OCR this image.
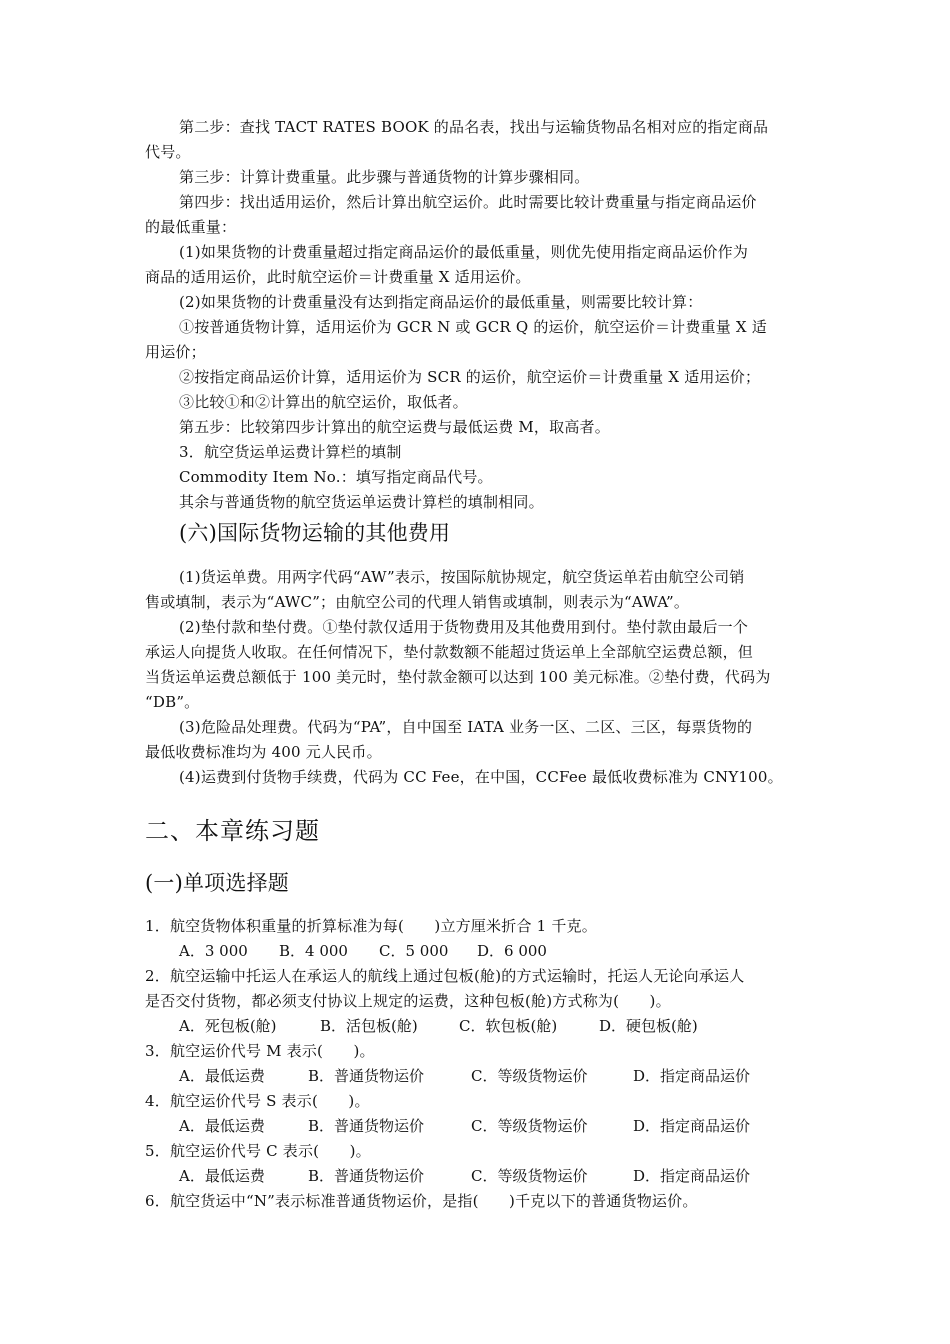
第二步：查找 TACT RATES BOOK 的品名表，找出与运输货物品名相对应的指定商品
代号。
第三步：计算计费重量。此步骤与普通货物的计算步骤相同。
第四步：找出适用运价，然后计算出航空运价。此时需要比较计费重量与指定商品运价
的最低重量：
(1)如果货物的计费重量超过指定商品运价的最低重量，则优先使用指定商品运价作为
商品的适用运价，此时航空运价＝计费重量 X 适用运价。
(2)如果货物的计费重量没有达到指定商品运价的最低重量，则需要比较计算：
①按普通货物计算，适用运价为 GCR N 或 GCR Q 的运价，航空运价＝计费重量 X 适
用运价；
②按指定商品运价计算，适用运价为 SCR 的运价，航空运价＝计费重量 X 适用运价；
③比较①和②计算出的航空运价，取低者。
第五步：比较第四步计算出的航空运费与最低运费 M，取高者。
3．航空货运单运费计算栏的填制
Commodity Item No.：填写指定商品代号。
其余与普通货物的航空货运单运费计算栏的填制相同。
(六)国际货物运输的其他费用
(1)货运单费。用两字代码“AW”表示，按国际航协规定，航空货运单若由航空公司销
售或填制，表示为“AWC”；由航空公司的代理人销售或填制，则表示为“AWA”。
(2)垫付款和垫付费。①垫付款仅适用于货物费用及其他费用到付。垫付款由最后一个
承运人向提货人收取。在任何情况下，垫付款数额不能超过货运单上全部航空运费总额，但
当货运单运费总额低于 100 美元时，垫付款金额可以达到 100 美元标准。②垫付费，代码为
“DB”。
(3)危险品处理费。代码为“PA”，自中国至 IATA 业务一区、二区、三区，每票货物的
最低收费标准均为 400 元人民币。
(4)运费到付货物手续费，代码为 CC Fee，在中国，CCFee 最低收费标准为 CNY100。
二、本章练习题
(一)单项选择题
1．航空货物体积重量的折算标准为每(　　)立方厘米折合 1 千克。
A．3 000 B．4 000 C．5 000 D．6 000
2．航空运输中托运人在承运人的航线上通过包板(舱)的方式运输时，托运人无论向承运人
是否交付货物，都必须支付协议上规定的运费，这种包板(舱)方式称为(　　)。
A．死包板(舱)	B．活包板(舱)	C．软包板(舱)	D．硬包板(舱)
3．航空运价代号 M 表示(　　)。
A．最低运费	B．普通货物运价	C．等级货物运价	D．指定商品运价
4．航空运价代号 S 表示(　　)。
A．最低运费	B．普通货物运价	C．等级货物运价	D．指定商品运价
5．航空运价代号 C 表示(　　)。
A．最低运费	B．普通货物运价	C．等级货物运价	D．指定商品运价
6．航空货运中“N”表示标准普通货物运价，是指(　　)千克以下的普通货物运价。
